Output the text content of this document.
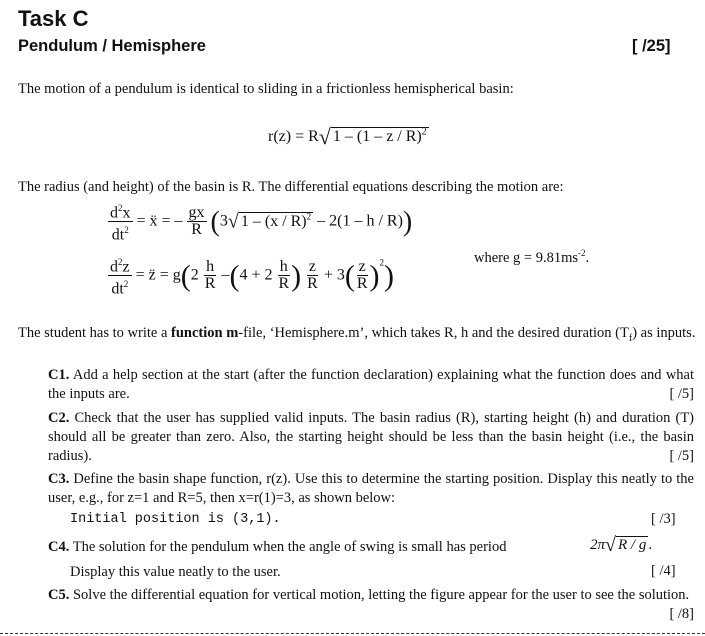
Task C
Pendulum / Hemisphere	[ /25]
The motion of a pendulum is identical to sliding in a frictionless hemispherical basin:
r(z) = R√ 1 – (1 – z / R)$^2$
The radius (and height) of the basin is R. The differential equations describing the motion are:
$\frac{d^2x}{dt^2}$ = ẍ = – $\frac{gx}{R} (3√$ 1 – (x / R)$^2$ – 2(1 – h / R))
where $g = 9.81ms^{-2}$.
$\frac{d^2z}{dt^2}$ = z̈ = $g(2 \frac{h}{R} -(4 + 2 \frac{h}{R}$ ) $\frac{z}{R} + 3( \frac{z}{R} )^2$)
The student has to write a function m-file, ‘Hemisphere.m’, which takes R, h and the desired duration $(T_f)$ as inputs.
C1. Add a help section at the start (after the function declaration) explaining what the function does and what the inputs are.	[ /5]
C2. Check that the user has supplied valid inputs. The basin radius (R), starting height (h) and duration (T) should all be greater than zero. Also, the starting height should be less than the basin height (i.e., the basin radius).	[ /5]
C3. Define the basin shape function, r(z). Use this to determine the starting position. Display this neatly to the user, e.g., for z=1 and R=5, then x=r(1)=3, as shown below:
Initial position is (3,1).	[ /3]
C4. The solution for the pendulum when the angle of swing is small has period	2π√ R / g .
Display this value neatly to the user.	[ /4]
C5. Solve the differential equation for vertical motion, letting the figure appear for the user to see the solution.
[ /8]
